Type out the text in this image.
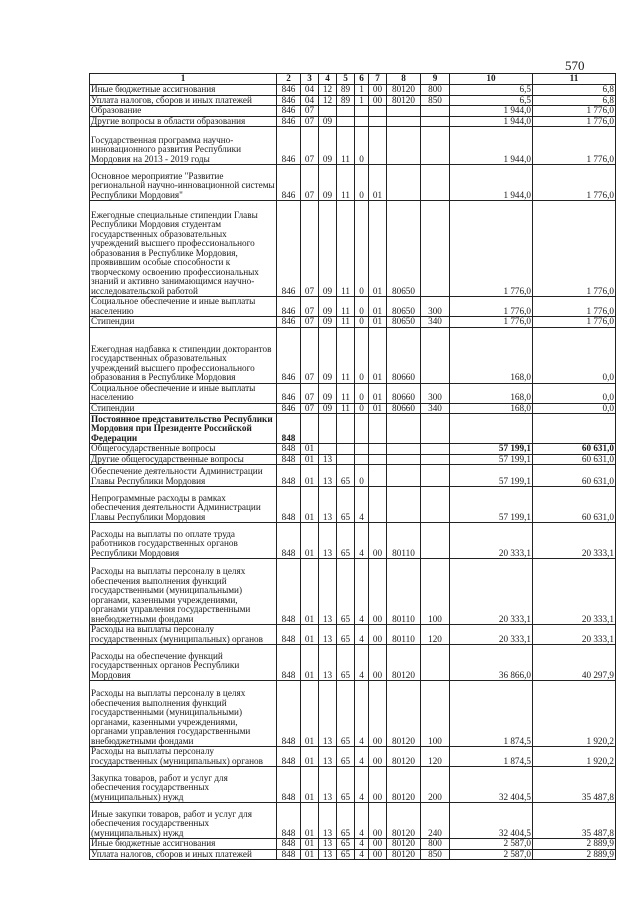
570
1	2	3	4	5	6	7	8	9	10	11
Иные бюджетные ассигнования	846	04	12	89	1	00	80120	800	6,5	6,8
Уплата налогов, сборов и иных платежей	846	04	12	89	1	00	80120	850	6,5	6,8
Образование	846	07							1 944,0	1 776,0
Другие вопросы в области образования	846	07	09						1 944,0	1 776,0
Государственная программа научно-инновационного развития Республики Мордовия на 2013 - 2019 годы	846	07	09	11	0				1 944,0	1 776,0
Основное мероприятие "Развитие региональной научно-инновационной системы Республики Мордовия"	846	07	09	11	0	01			1 944,0	1 776,0
Ежегодные специальные стипендии Главы Республики Мордовия студентам государственных образовательных учреждений высшего профессионального образования в Республике Мордовия, проявившим особые способности к творческому освоению профессиональных знаний и активно занимающимся научно-исследовательской работой	846	07	09	11	0	01	80650		1 776,0	1 776,0
Социальное обеспечение и иные выплаты населению	846	07	09	11	0	01	80650	300	1 776,0	1 776,0
Стипендии	846	07	09	11	0	01	80650	340	1 776,0	1 776,0
Ежегодная надбавка к стипендии докторантов государственных образовательных учреждений высшего профессионального образования в Республике Мордовия	846	07	09	11	0	01	80660		168,0	0,0
Социальное обеспечение и иные выплаты населению	846	07	09	11	0	01	80660	300	168,0	0,0
Стипендии	846	07	09	11	0	01	80660	340	168,0	0,0
Постоянное представительство Республики Мордовия при Президенте Российской Федерации	848									
Общегосударственные вопросы	848	01							57 199,1	60 631,0
Другие общегосударственные вопросы	848	01	13						57 199,1	60 631,0
Обеспечение деятельности Администрации Главы Республики Мордовия	848	01	13	65	0				57 199,1	60 631,0
Непрограммные расходы в рамках обеспечения деятельности Администрации Главы Республики Мордовия	848	01	13	65	4				57 199,1	60 631,0
Расходы на выплаты по оплате труда работников государственных органов Республики Мордовия	848	01	13	65	4	00	80110		20 333,1	20 333,1
Расходы на выплаты персоналу в целях обеспечения выполнения функций государственными (муниципальными) органами, казенными учреждениями, органами управления государственными внебюджетными фондами	848	01	13	65	4	00	80110	100	20 333,1	20 333,1
Расходы на выплаты персоналу государственных (муниципальных) органов	848	01	13	65	4	00	80110	120	20 333,1	20 333,1
Расходы на обеспечение функций государственных органов Республики Мордовия	848	01	13	65	4	00	80120		36 866,0	40 297,9
Расходы на выплаты персоналу в целях обеспечения выполнения функций государственными (муниципальными) органами, казенными учреждениями, органами управления государственными внебюджетными фондами	848	01	13	65	4	00	80120	100	1 874,5	1 920,2
Расходы на выплаты персоналу государственных (муниципальных) органов	848	01	13	65	4	00	80120	120	1 874,5	1 920,2
Закупка товаров, работ и услуг для обеспечения государственных (муниципальных) нужд	848	01	13	65	4	00	80120	200	32 404,5	35 487,8
Иные закупки товаров, работ и услуг для обеспечения государственных (муниципальных) нужд	848	01	13	65	4	00	80120	240	32 404,5	35 487,8
Иные бюджетные ассигнования	848	01	13	65	4	00	80120	800	2 587,0	2 889,9
Уплата налогов, сборов и иных платежей	848	01	13	65	4	00	80120	850	2 587,0	2 889,9
